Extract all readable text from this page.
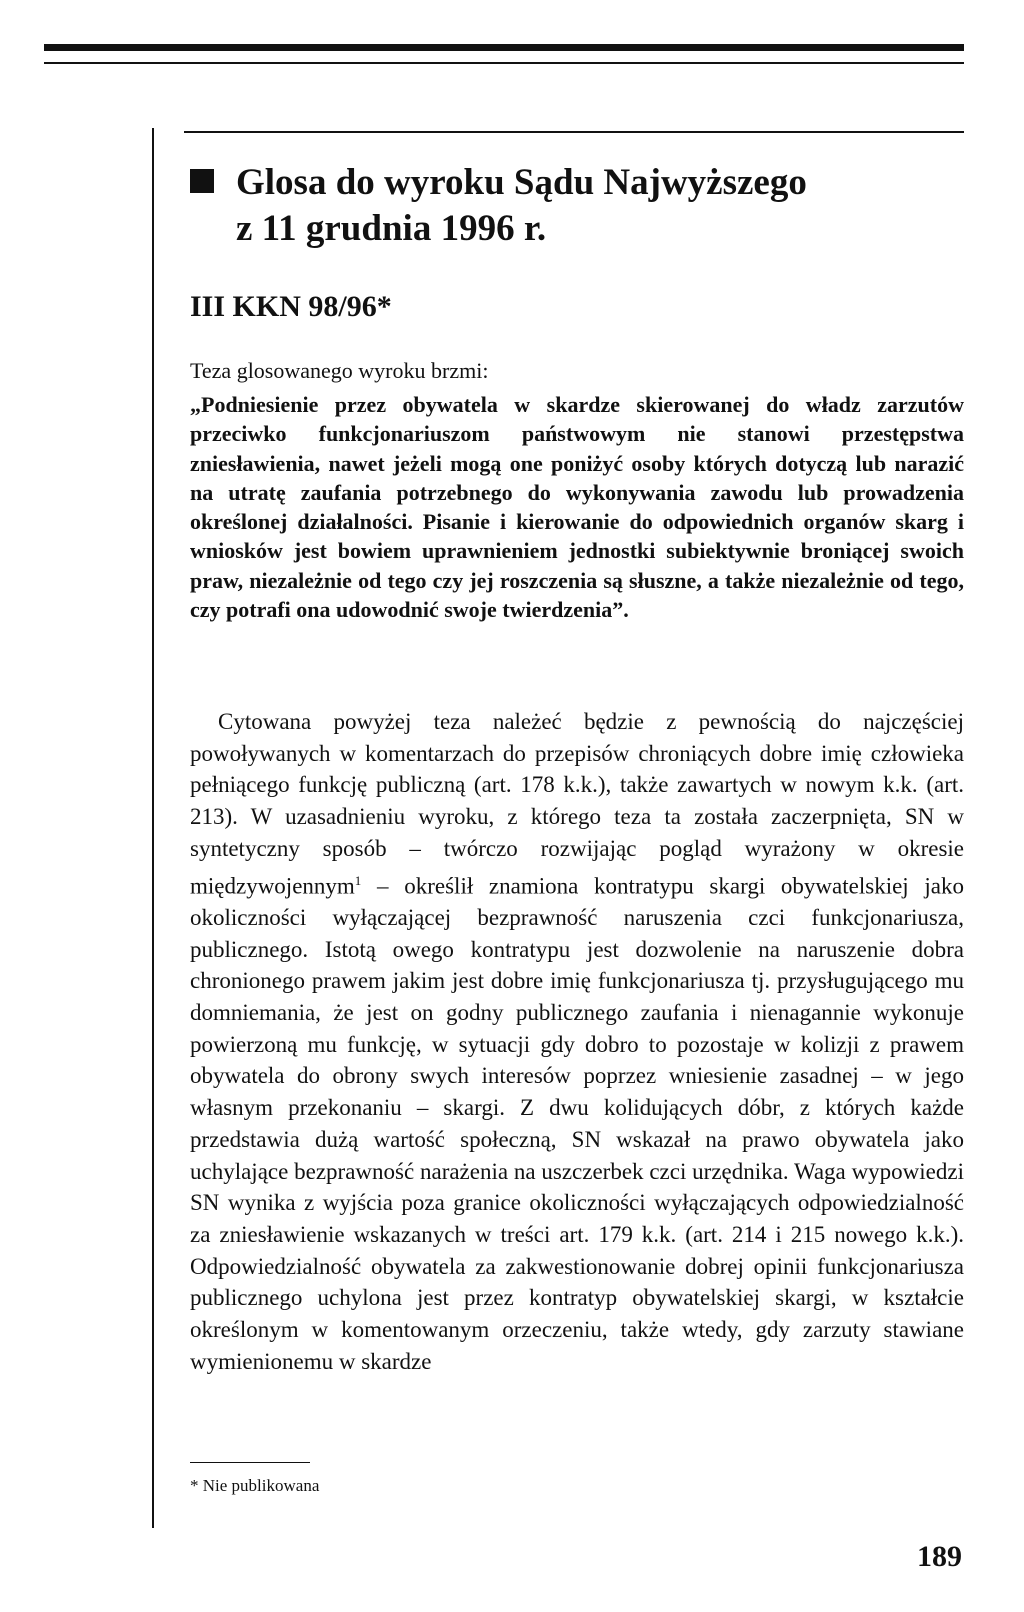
Glosa do wyroku Sądu Najwyższego
z 11 grudnia 1996 r.

III KKN 98/96*

Teza glosowanego wyroku brzmi:

„Podniesienie przez obywatela w skardze skierowanej do władz zarzutów przeciwko funkcjonariuszom państwowym nie stanowi przestępstwa zniesławienia, nawet jeżeli mogą one poniżyć osoby których dotyczą lub narazić na utratę zaufania potrzebnego do wykonywania zawodu lub prowadzenia określonej działalności. Pisanie i kierowanie do odpowiednich organów skarg i wniosków jest bowiem uprawnieniem jednostki subiektywnie broniącej swoich praw, niezależnie od tego czy jej roszczenia są słuszne, a także niezależnie od tego, czy potrafi ona udowodnić swoje twierdzenia”.

Cytowana powyżej teza należeć będzie z pewnością do najczęściej powoływanych w komentarzach do przepisów chroniących dobre imię człowieka pełniącego funkcję publiczną (art. 178 k.k.), także zawartych w nowym k.k. (art. 213). W uzasadnieniu wyroku, z którego teza ta została zaczerpnięta, SN w syntetyczny sposób – twórczo rozwijając pogląd wyrażony w okresie międzywojennym$^1$ – określił znamiona kontratypu skargi obywatelskiej jako okoliczności wyłączającej bezprawność naruszenia czci funkcjonariusza, publicznego. Istotą owego kontratypu jest dozwolenie na naruszenie dobra chronionego prawem jakim jest dobre imię funkcjonariusza tj. przysługującego mu domniemania, że jest on godny publicznego zaufania i nienagannie wykonuje powierzoną mu funkcję, w sytuacji gdy dobro to pozostaje w kolizji z prawem obywatela do obrony swych interesów poprzez wniesienie zasadnej – w jego własnym przekonaniu – skargi. Z dwu kolidujących dóbr, z których każde przedstawia dużą wartość społeczną, SN wskazał na prawo obywatela jako uchylające bezprawność narażenia na uszczerbek czci urzędnika. Waga wypowiedzi SN wynika z wyjścia poza granice okoliczności wyłączających odpowiedzialność za zniesławienie wskazanych w treści art. 179 k.k. (art. 214 i 215 nowego k.k.). Odpowiedzialność obywatela za zakwestionowanie dobrej opinii funkcjonariusza publicznego uchylona jest przez kontratyp obywatelskiej skargi, w kształcie określonym w komentowanym orzeczeniu, także wtedy, gdy zarzuty stawiane wymienionemu w skardze

* Nie publikowana

189
